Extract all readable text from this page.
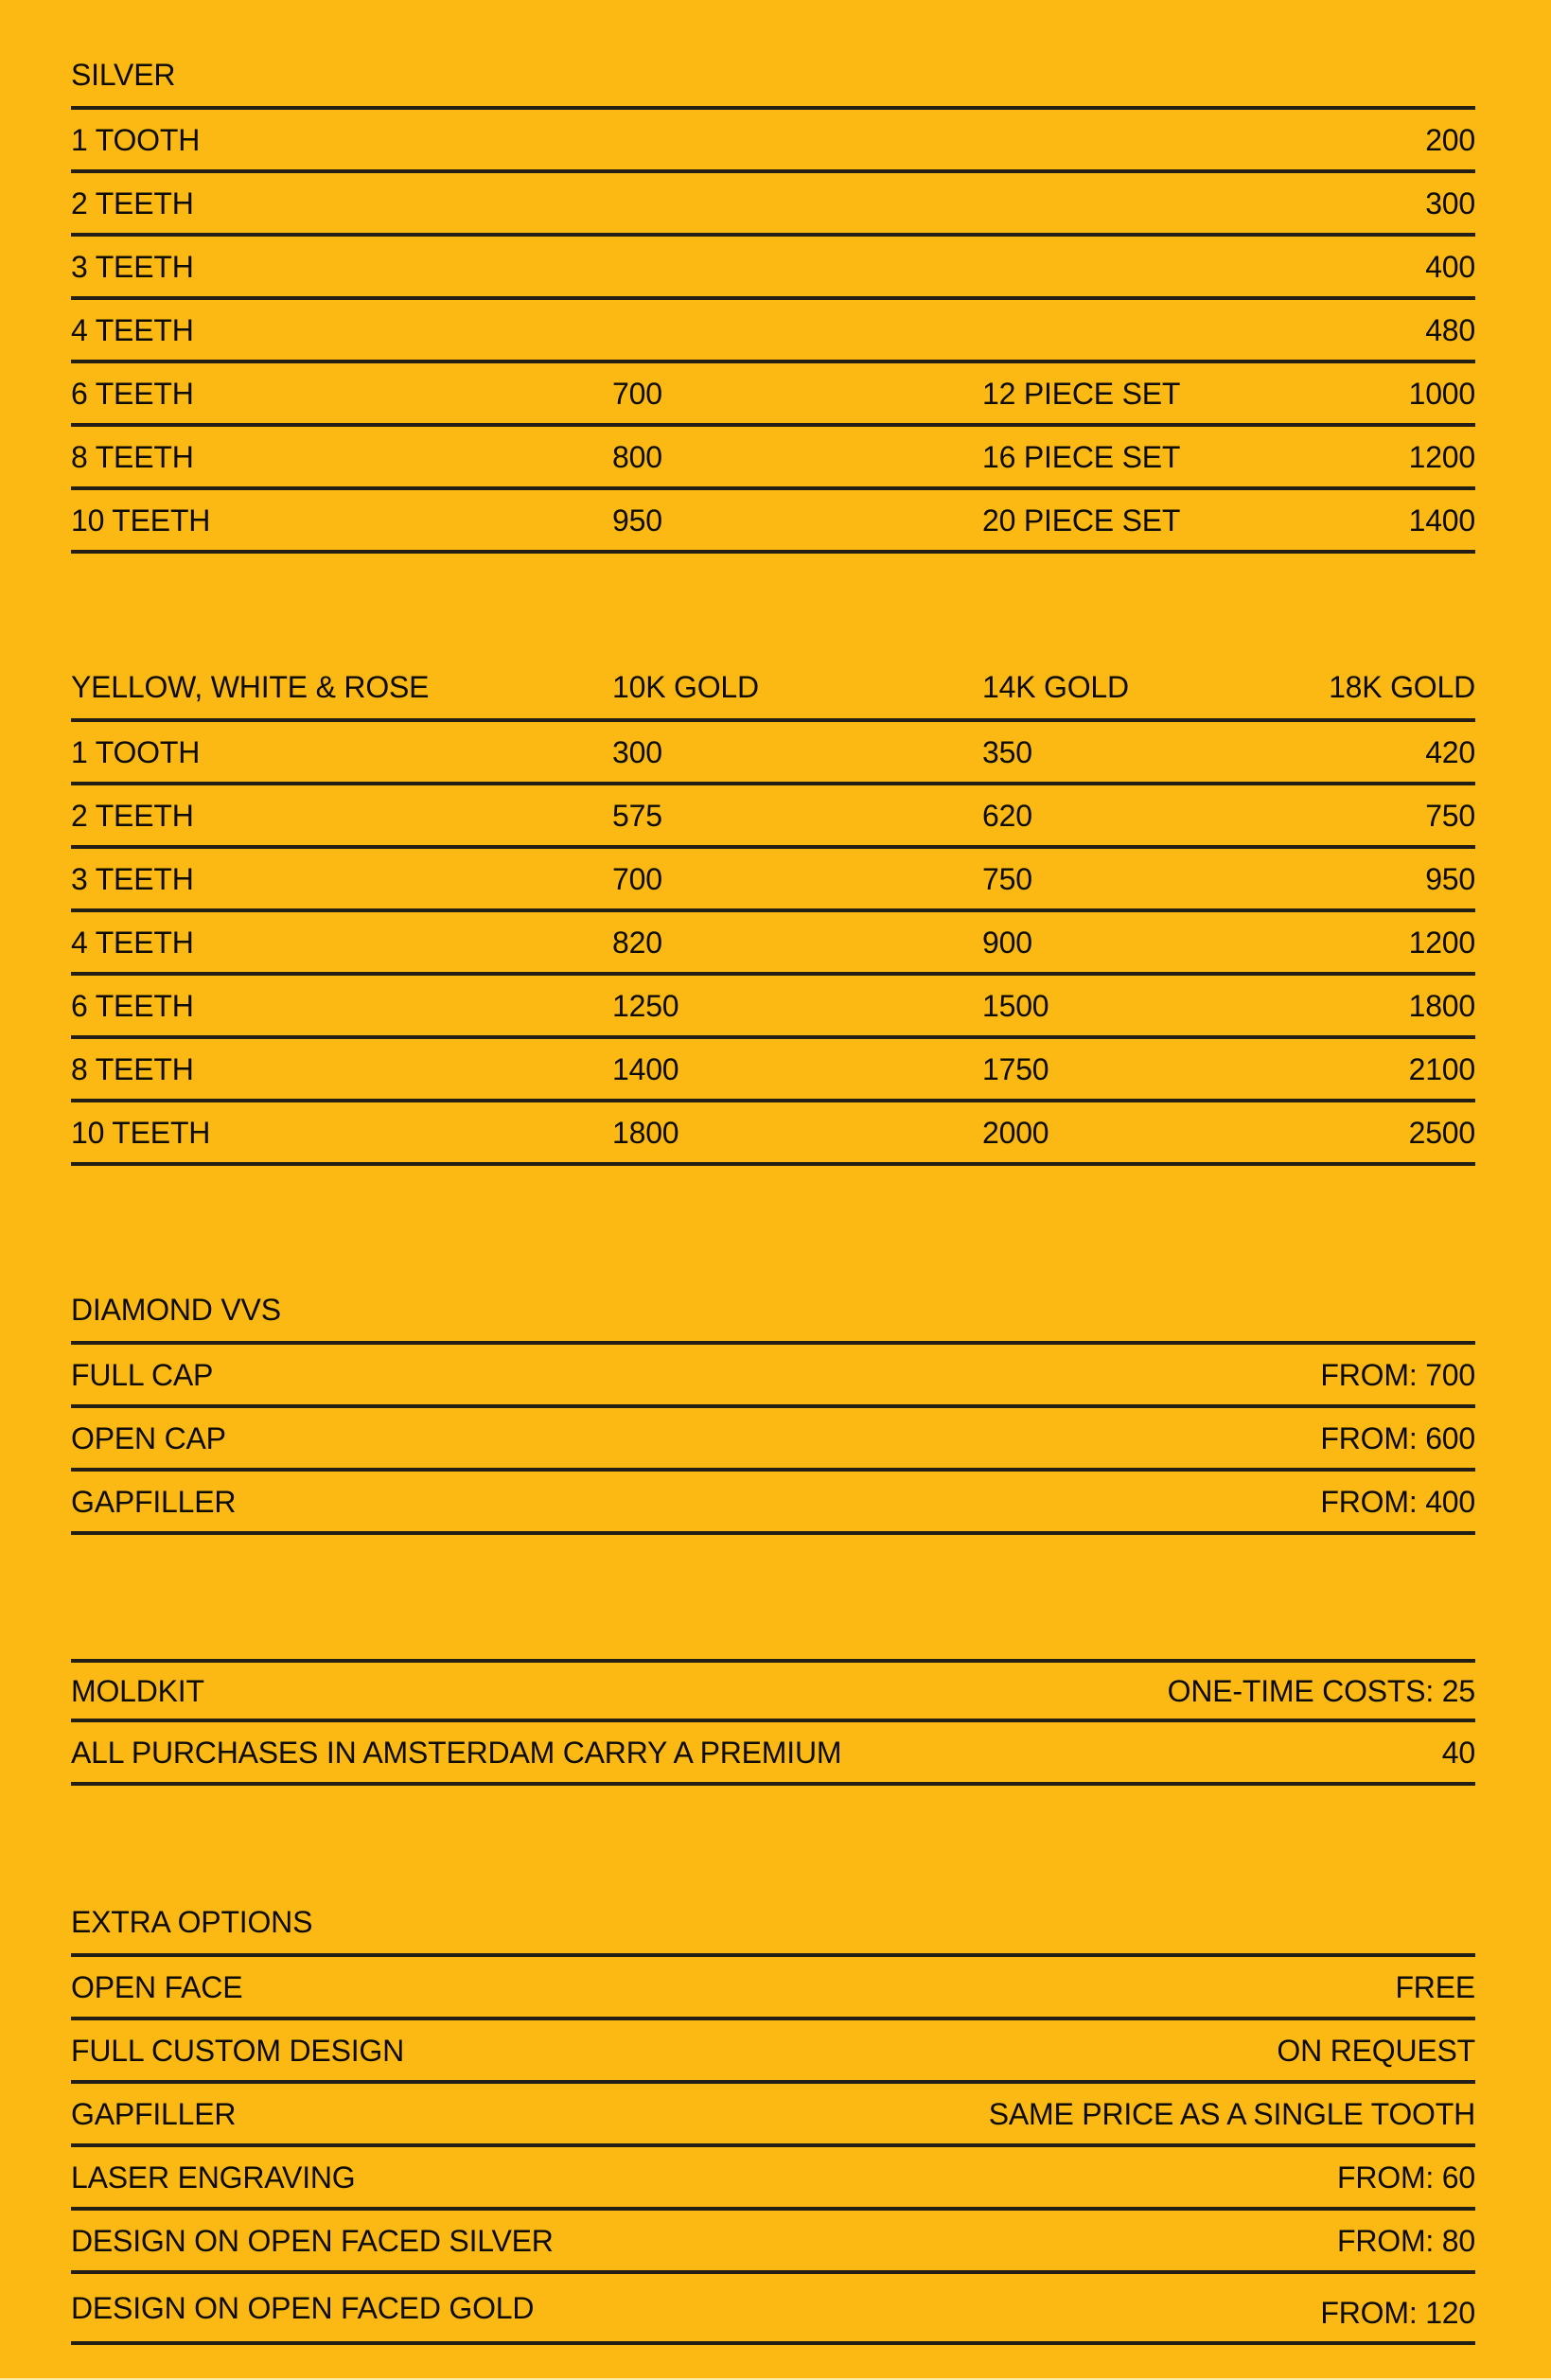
SILVER
1 TOOTH	200
2 TEETH	300
3 TEETH	400
4 TEETH	480
6 TEETH	700	12 PIECE SET	1000
8 TEETH	800	16 PIECE SET	1200
10 TEETH	950	20 PIECE SET	1400
YELLOW, WHITE & ROSE	10K GOLD	14K GOLD	18K GOLD
1 TOOTH	300	350	420
2 TEETH	575	620	750
3 TEETH	700	750	950
4 TEETH	820	900	1200
6 TEETH	1250	1500	1800
8 TEETH	1400	1750	2100
10 TEETH	1800	2000	2500
DIAMOND VVS
FULL CAP	FROM: 700
OPEN CAP	FROM: 600
GAPFILLER	FROM: 400
MOLDKIT	ONE-TIME COSTS: 25
ALL PURCHASES IN AMSTERDAM CARRY A PREMIUM	40
EXTRA OPTIONS
OPEN FACE	FREE
FULL CUSTOM DESIGN	ON REQUEST
GAPFILLER	SAME PRICE AS A SINGLE TOOTH
LASER ENGRAVING	FROM: 60
DESIGN ON OPEN FACED SILVER	FROM: 80
DESIGN ON OPEN FACED GOLD	FROM: 120
